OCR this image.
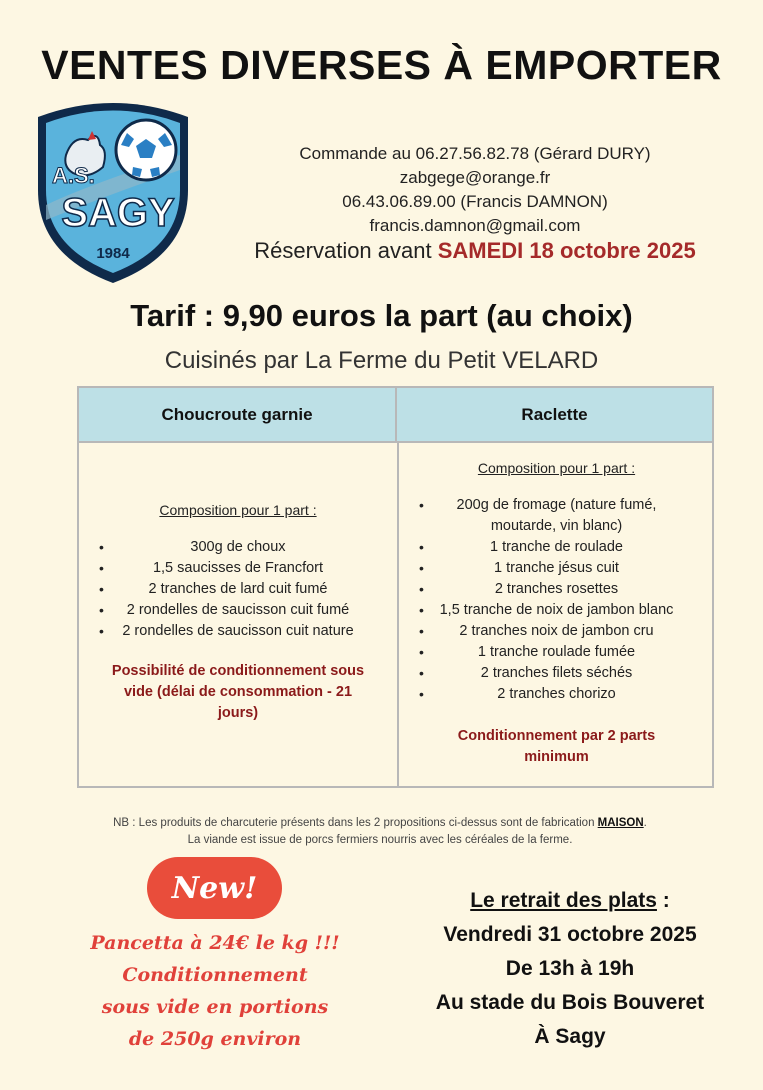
VENTES DIVERSES À EMPORTER
A.S.
SAGY
1984
Commande au 06.27.56.82.78 (Gérard DURY)
zabgege@orange.fr
06.43.06.89.00 (Francis DAMNON)
francis.damnon@gmail.com
Réservation avant SAMEDI 18 octobre 2025
Tarif : 9,90 euros la part (au choix)
Cuisinés par La Ferme du Petit VELARD
Choucroute garnie	Raclette
Composition pour 1 part :
• 300g de choux
• 1,5 saucisses de Francfort
• 2 tranches de lard cuit fumé
• 2 rondelles de saucisson cuit fumé
• 2 rondelles de saucisson cuit nature
Possibilité de conditionnement sous
vide (délai de consommation - 21
jours)
Composition pour 1 part :
• 200g de fromage (nature fumé,
moutarde, vin blanc)
• 1 tranche de roulade
• 1 tranche jésus cuit
• 2 tranches rosettes
• 1,5 tranche de noix de jambon blanc
• 2 tranches noix de jambon cru
• 1 tranche roulade fumée
• 2 tranches filets séchés
• 2 tranches chorizo
Conditionnement par 2 parts
minimum
NB : Les produits de charcuterie présents dans les 2 propositions ci-dessus sont de fabrication MAISON.
La viande est issue de porcs fermiers nourris avec les céréales de la ferme.
New!
Pancetta à 24€ le kg !!!
Conditionnement
sous vide en portions
de 250g environ
Le retrait des plats :
Vendredi 31 octobre 2025
De 13h à 19h
Au stade du Bois Bouveret
À Sagy
